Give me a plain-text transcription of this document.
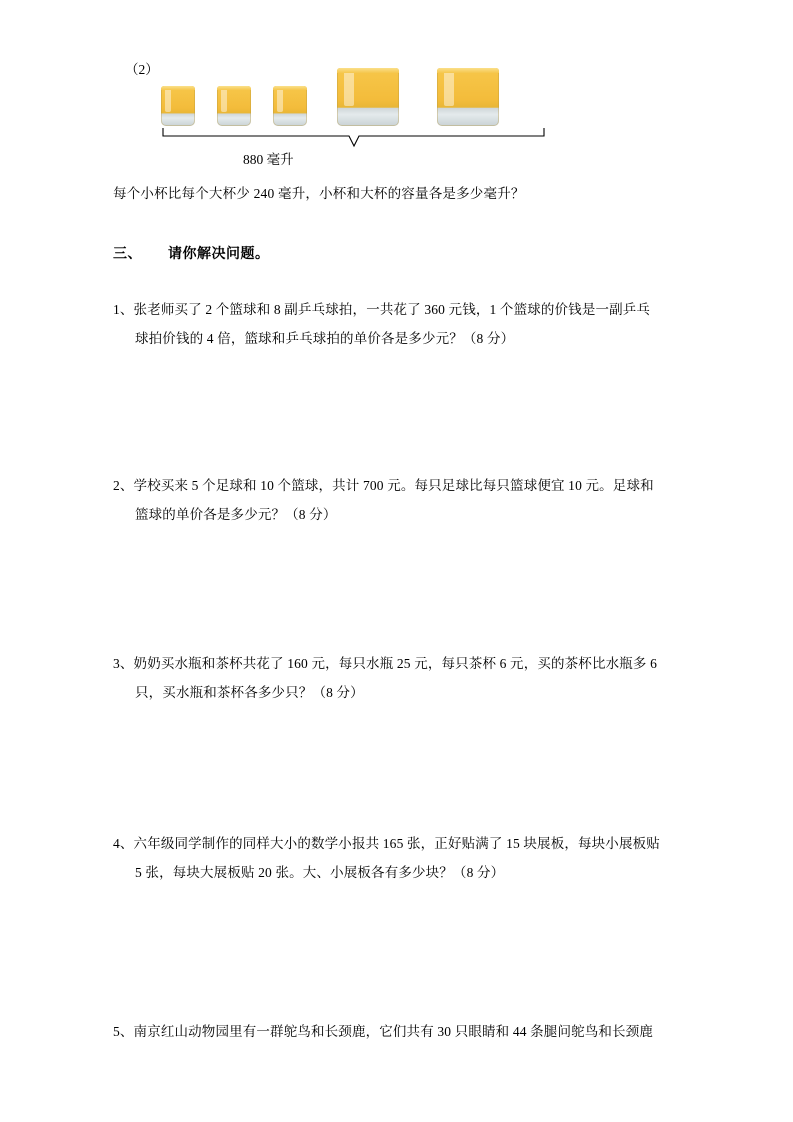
（2）
880 毫升

每个小杯比每个大杯少 240 毫升，小杯和大杯的容量各是多少毫升？

三、 请你解决问题。
1、张老师买了 2 个篮球和 8 副乒乓球拍，一共花了 360 元钱，1 个篮球的价钱是一副乒乓
球拍价钱的 4 倍，篮球和乒乓球拍的单价各是多少元？（8 分）
2、学校买来 5 个足球和 10 个篮球，共计 700 元。每只足球比每只篮球便宜 10 元。足球和
篮球的单价各是多少元？（8 分）
3、奶奶买水瓶和茶杯共花了 160 元，每只水瓶 25 元，每只茶杯 6 元，买的茶杯比水瓶多 6
只，买水瓶和茶杯各多少只？（8 分）
4、六年级同学制作的同样大小的数学小报共 165 张，正好贴满了 15 块展板，每块小展板贴
5 张，每块大展板贴 20 张。大、小展板各有多少块？（8 分）
5、南京红山动物园里有一群鸵鸟和长颈鹿，它们共有 30 只眼睛和 44 条腿问鸵鸟和长颈鹿
